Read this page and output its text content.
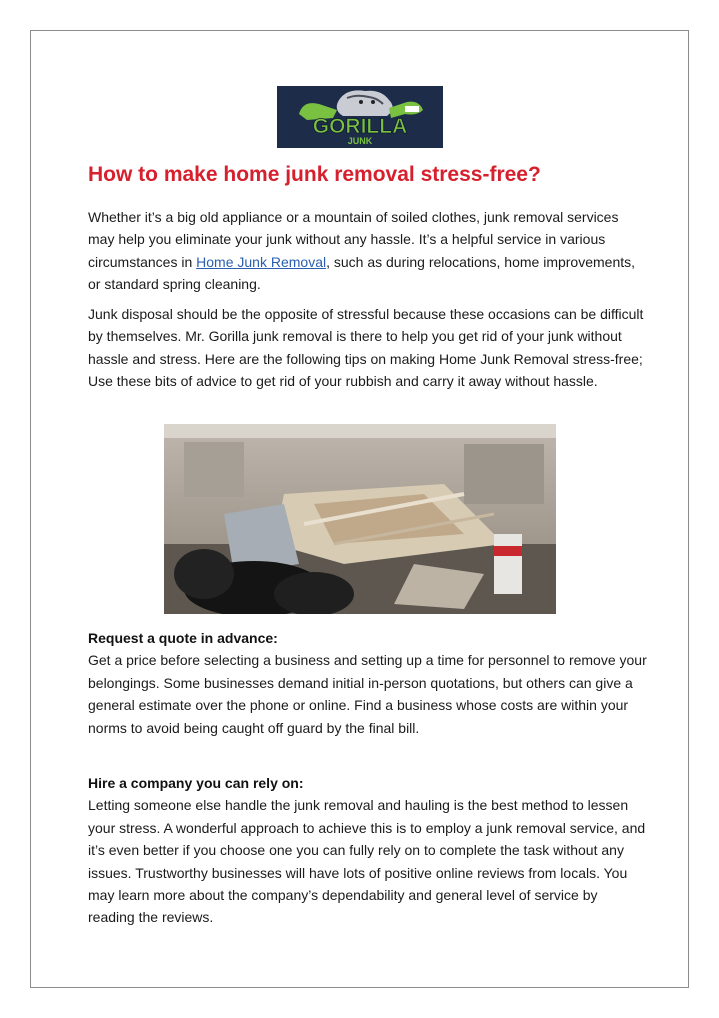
GORILLA
JUNK
How to make home junk removal stress-free?

Whether it’s a big old appliance or a mountain of soiled clothes, junk removal services may help you eliminate your junk without any hassle. It’s a helpful service in various circumstances in Home Junk Removal, such as during relocations, home improvements, or standard spring cleaning.

Junk disposal should be the opposite of stressful because these occasions can be difficult by themselves. Mr. Gorilla junk removal is there to help you get rid of your junk without hassle and stress. Here are the following tips on making Home Junk Removal stress-free; Use these bits of advice to get rid of your rubbish and carry it away without hassle.

Request a quote in advance:
Get a price before selecting a business and setting up a time for personnel to remove your belongings. Some businesses demand initial in-person quotations, but others can give a general estimate over the phone or online. Find a business whose costs are within your norms to avoid being caught off guard by the final bill.

Hire a company you can rely on:
Letting someone else handle the junk removal and hauling is the best method to lessen your stress. A wonderful approach to achieve this is to employ a junk removal service, and it’s even better if you choose one you can fully rely on to complete the task without any issues. Trustworthy businesses will have lots of positive online reviews from locals. You may learn more about the company’s dependability and general level of service by reading the reviews.
